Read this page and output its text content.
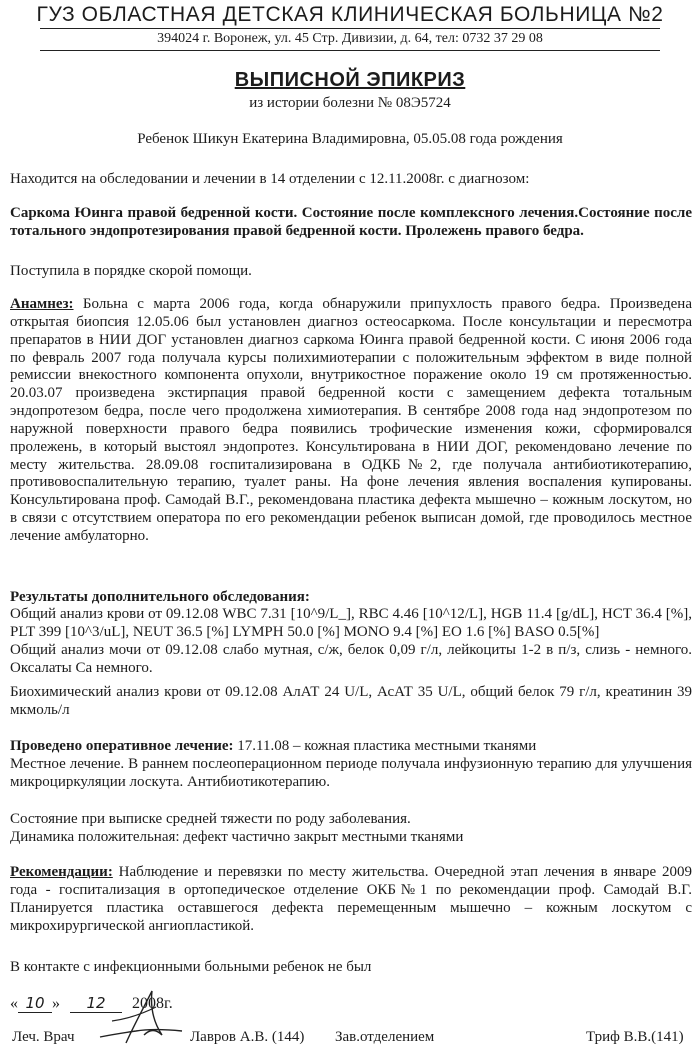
ГУЗ ОБЛАСТНАЯ ДЕТСКАЯ КЛИНИЧЕСКАЯ БОЛЬНИЦА №2
394024 г. Воронеж, ул. 45 Стр. Дивизии, д. 64, тел: 0732 37 29 08
ВЫПИСНОЙ ЭПИКРИЗ
из истории болезни № 08Э5724
Ребенок Шикун Екатерина Владимировна, 05.05.08 года рождения
Находится на обследовании и лечении в 14 отделении с 12.11.2008г. с диагнозом:

Саркома Юинга правой бедренной кости. Состояние после комплексного лечения.Состояние после тотального эндопротезирования правой бедренной кости. Пролежень правого бедра.

Поступила в порядке скорой помощи.

Анамнез: Больна с марта 2006 года, когда обнаружили припухлость правого бедра. Произведена открытая биопсия 12.05.06 был установлен диагноз остеосаркома. После консультации и пересмотра препаратов в НИИ ДОГ установлен диагноз саркома Юинга правой бедренной кости. С июня 2006 года по февраль 2007 года получала курсы полихимиотерапии с положительным эффектом в виде полной ремиссии внекостного компонента опухоли, внутрикостное поражение около 19 см протяженностью. 20.03.07 произведена экстирпация правой бедренной кости с замещением дефекта тотальным эндопротезом бедра, после чего продолжена химиотерапия. В сентябре 2008 года над эндопротезом по наружной поверхности правого бедра появились трофические изменения кожи, сформировался пролежень, в который выстоял эндопротез. Консультирована в НИИ ДОГ, рекомендовано лечение по месту жительства. 28.09.08 госпитализирована в ОДКБ№2, где получала антибиотикотерапию, противовоспалительную терапию, туалет раны. На фоне лечения явления воспаления купированы. Консультирована проф. Самодай В.Г., рекомендована пластика дефекта мышечно – кожным лоскутом, но в связи с отсутствием оператора по его рекомендации ребенок выписан домой, где проводилось местное лечение амбулаторно.

Результаты дополнительного обследования:

Общий анализ крови от 09.12.08 WBC 7.31 [10^9/L_], RBC 4.46 [10^12/L], HGB 11.4 [g/dL], HCT 36.4 [%], PLT 399 [10^3/uL], NEUT 36.5 [%] LYMPH 50.0 [%] MONO 9.4 [%] EO 1.6 [%] BASO 0.5[%]

Общий анализ мочи от 09.12.08 слабо мутная, с/ж, белок 0,09 г/л, лейкоциты 1-2 в п/з, слизь - немного. Оксалаты Са немного.

Биохимический анализ крови от 09.12.08 АлАТ 24 U/L, АсАТ 35 U/L, общий белок 79 г/л, креатинин 39 мкмоль/л

Проведено оперативное лечение: 17.11.08 – кожная пластика местными тканями

Местное лечение. В раннем послеоперационном периоде получала инфузионную терапию для улучшения микроциркуляции лоскута. Антибиотикотерапию.

Состояние при выписке средней тяжести по роду заболевания.
Динамика положительная: дефект частично закрыт местными тканями

Рекомендации: Наблюдение и перевязки по месту жительства. Очередной этап лечения в январе 2009 года - госпитализация в ортопедическое отделение ОКБ№1 по рекомендации проф. Самодай В.Г. Планируется пластика оставшегося дефекта перемещенным мышечно – кожным лоскутом с микрохирургической ангиопластикой.

В контакте с инфекционными больными ребенок не был
« 10 » 12 2008г.
Леч. Врач	Лавров А.В. (144) Зав.отделением	Триф В.В.(141)
